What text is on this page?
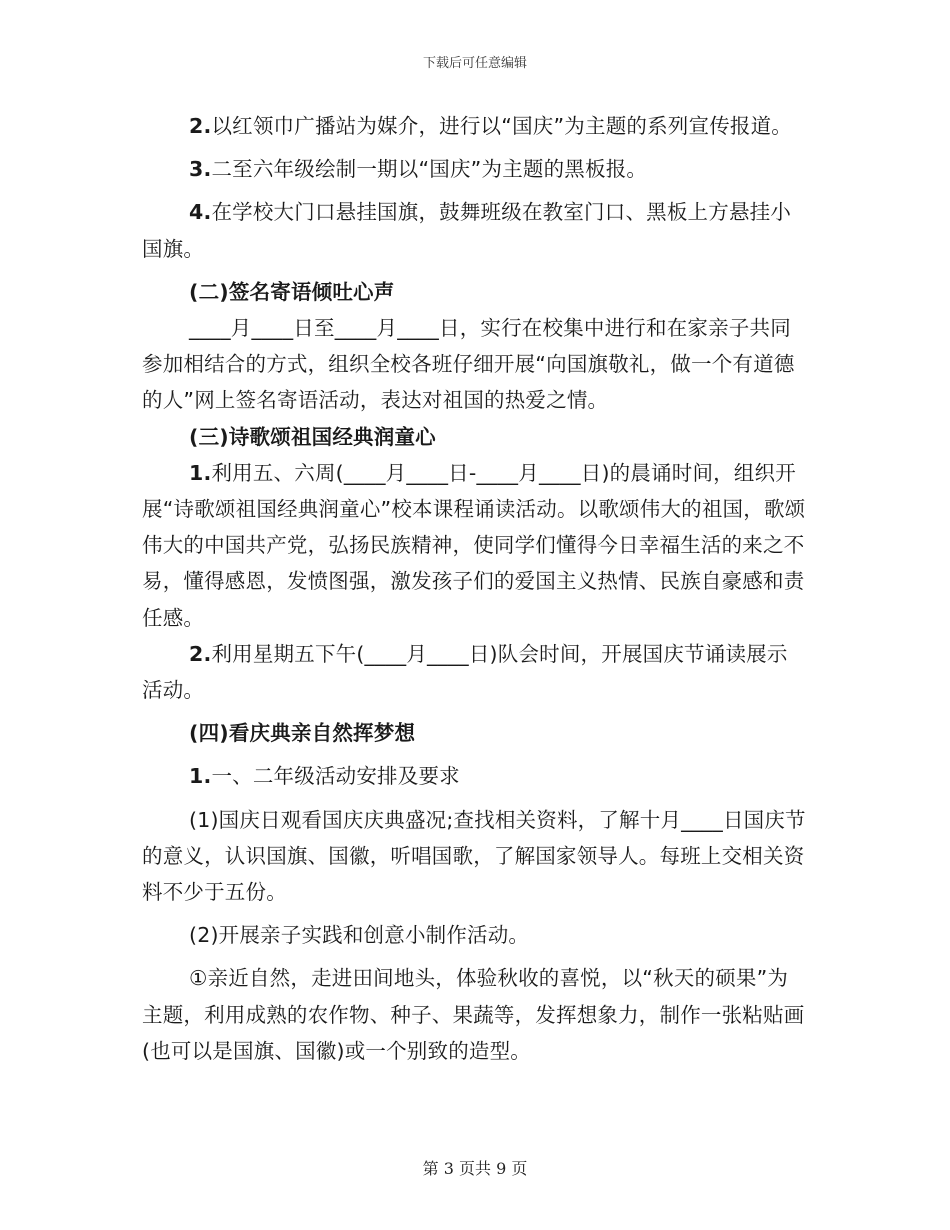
下载后可任意编辑

2.以红领巾广播站为媒介，进行以“国庆”为主题的系列宣传报道。

3.二至六年级绘制一期以“国庆”为主题的黑板报。

4.在学校大门口悬挂国旗，鼓舞班级在教室门口、黑板上方悬挂小国旗。

(二)签名寄语倾吐心声

____月____日至____月____日，实行在校集中进行和在家亲子共同参加相结合的方式，组织全校各班仔细开展“向国旗敬礼，做一个有道德的人”网上签名寄语活动，表达对祖国的热爱之情。

(三)诗歌颂祖国经典润童心

1.利用五、六周(____月____日-____月____日)的晨诵时间，组织开展“诗歌颂祖国经典润童心”校本课程诵读活动。以歌颂伟大的祖国，歌颂伟大的中国共产党，弘扬民族精神，使同学们懂得今日幸福生活的来之不易，懂得感恩，发愤图强，激发孩子们的爱国主义热情、民族自豪感和责任感。

2.利用星期五下午(____月____日)队会时间，开展国庆节诵读展示活动。

(四)看庆典亲自然挥梦想

1.一、二年级活动安排及要求

(1)国庆日观看国庆庆典盛况;查找相关资料，了解十月____日国庆节的意义，认识国旗、国徽，听唱国歌，了解国家领导人。每班上交相关资料不少于五份。

(2)开展亲子实践和创意小制作活动。

①亲近自然，走进田间地头，体验秋收的喜悦，以“秋天的硕果”为主题，利用成熟的农作物、种子、果蔬等，发挥想象力，制作一张粘贴画(也可以是国旗、国徽)或一个别致的造型。

第 3 页共 9 页
